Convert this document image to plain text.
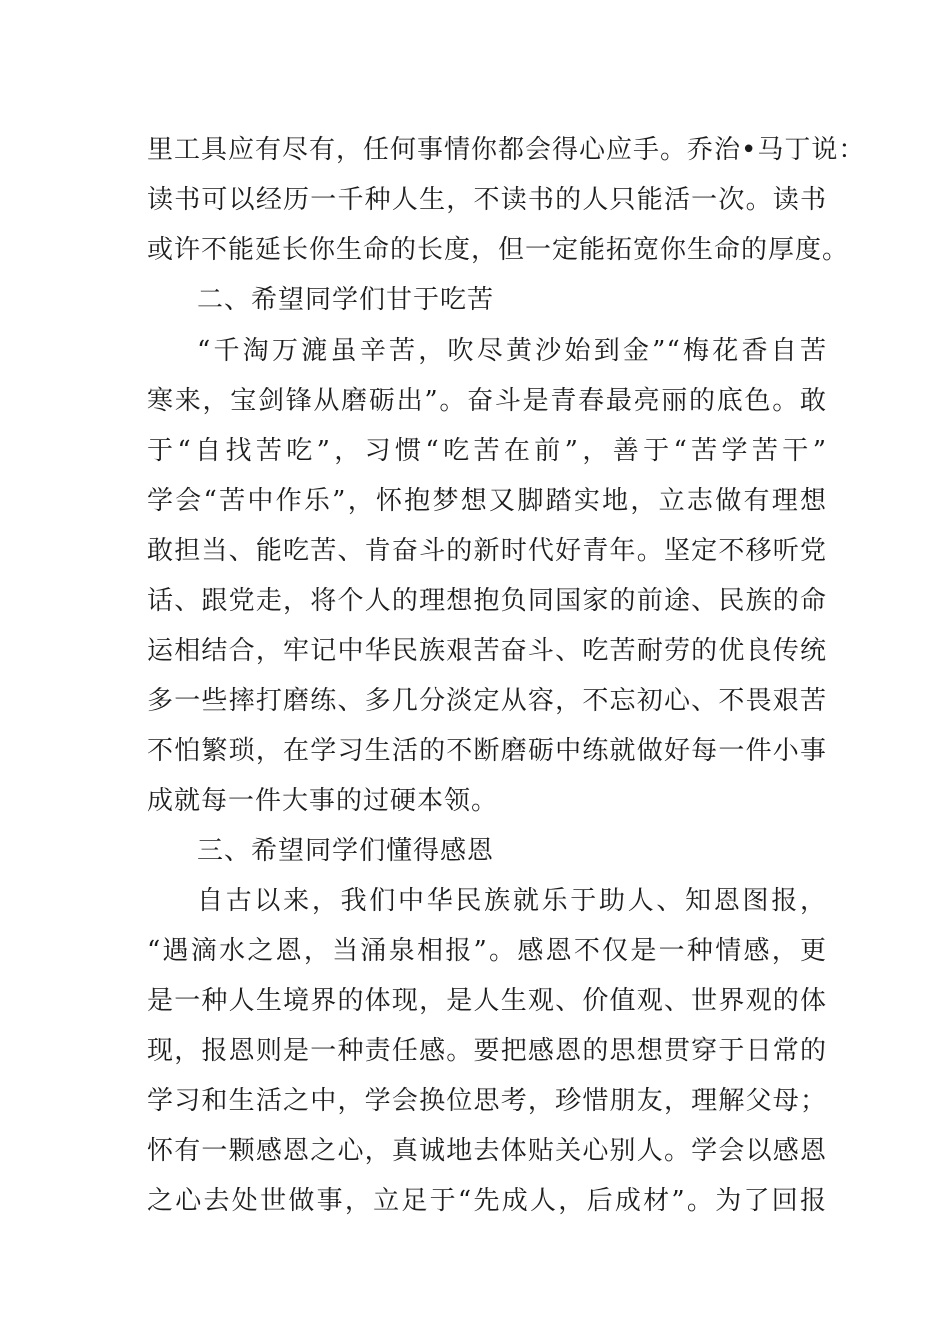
里工具应有尽有，任何事情你都会得心应手。乔治•马丁说：
读书可以经历一千种人生，不读书的人只能活一次。读书
或许不能延长你生命的长度，但一定能拓宽你生命的厚度。
二、希望同学们甘于吃苦
“千淘万漉虽辛苦，吹尽黄沙始到金”“梅花香自苦
寒来，宝剑锋从磨砺出”。奋斗是青春最亮丽的底色。敢
于“自找苦吃”，习惯“吃苦在前”，善于“苦学苦干”
学会“苦中作乐”，怀抱梦想又脚踏实地，立志做有理想
敢担当、能吃苦、肯奋斗的新时代好青年。坚定不移听党
话、跟党走，将个人的理想抱负同国家的前途、民族的命
运相结合，牢记中华民族艰苦奋斗、吃苦耐劳的优良传统
多一些摔打磨练、多几分淡定从容，不忘初心、不畏艰苦
不怕繁琐，在学习生活的不断磨砺中练就做好每一件小事
成就每一件大事的过硬本领。
三、希望同学们懂得感恩
自古以来，我们中华民族就乐于助人、知恩图报，
“遇滴水之恩，当涌泉相报”。感恩不仅是一种情感，更
是一种人生境界的体现，是人生观、价值观、世界观的体
现，报恩则是一种责任感。要把感恩的思想贯穿于日常的
学习和生活之中，学会换位思考，珍惜朋友，理解父母；
怀有一颗感恩之心，真诚地去体贴关心别人。学会以感恩
之心去处世做事，立足于“先成人，后成材”。为了回报
